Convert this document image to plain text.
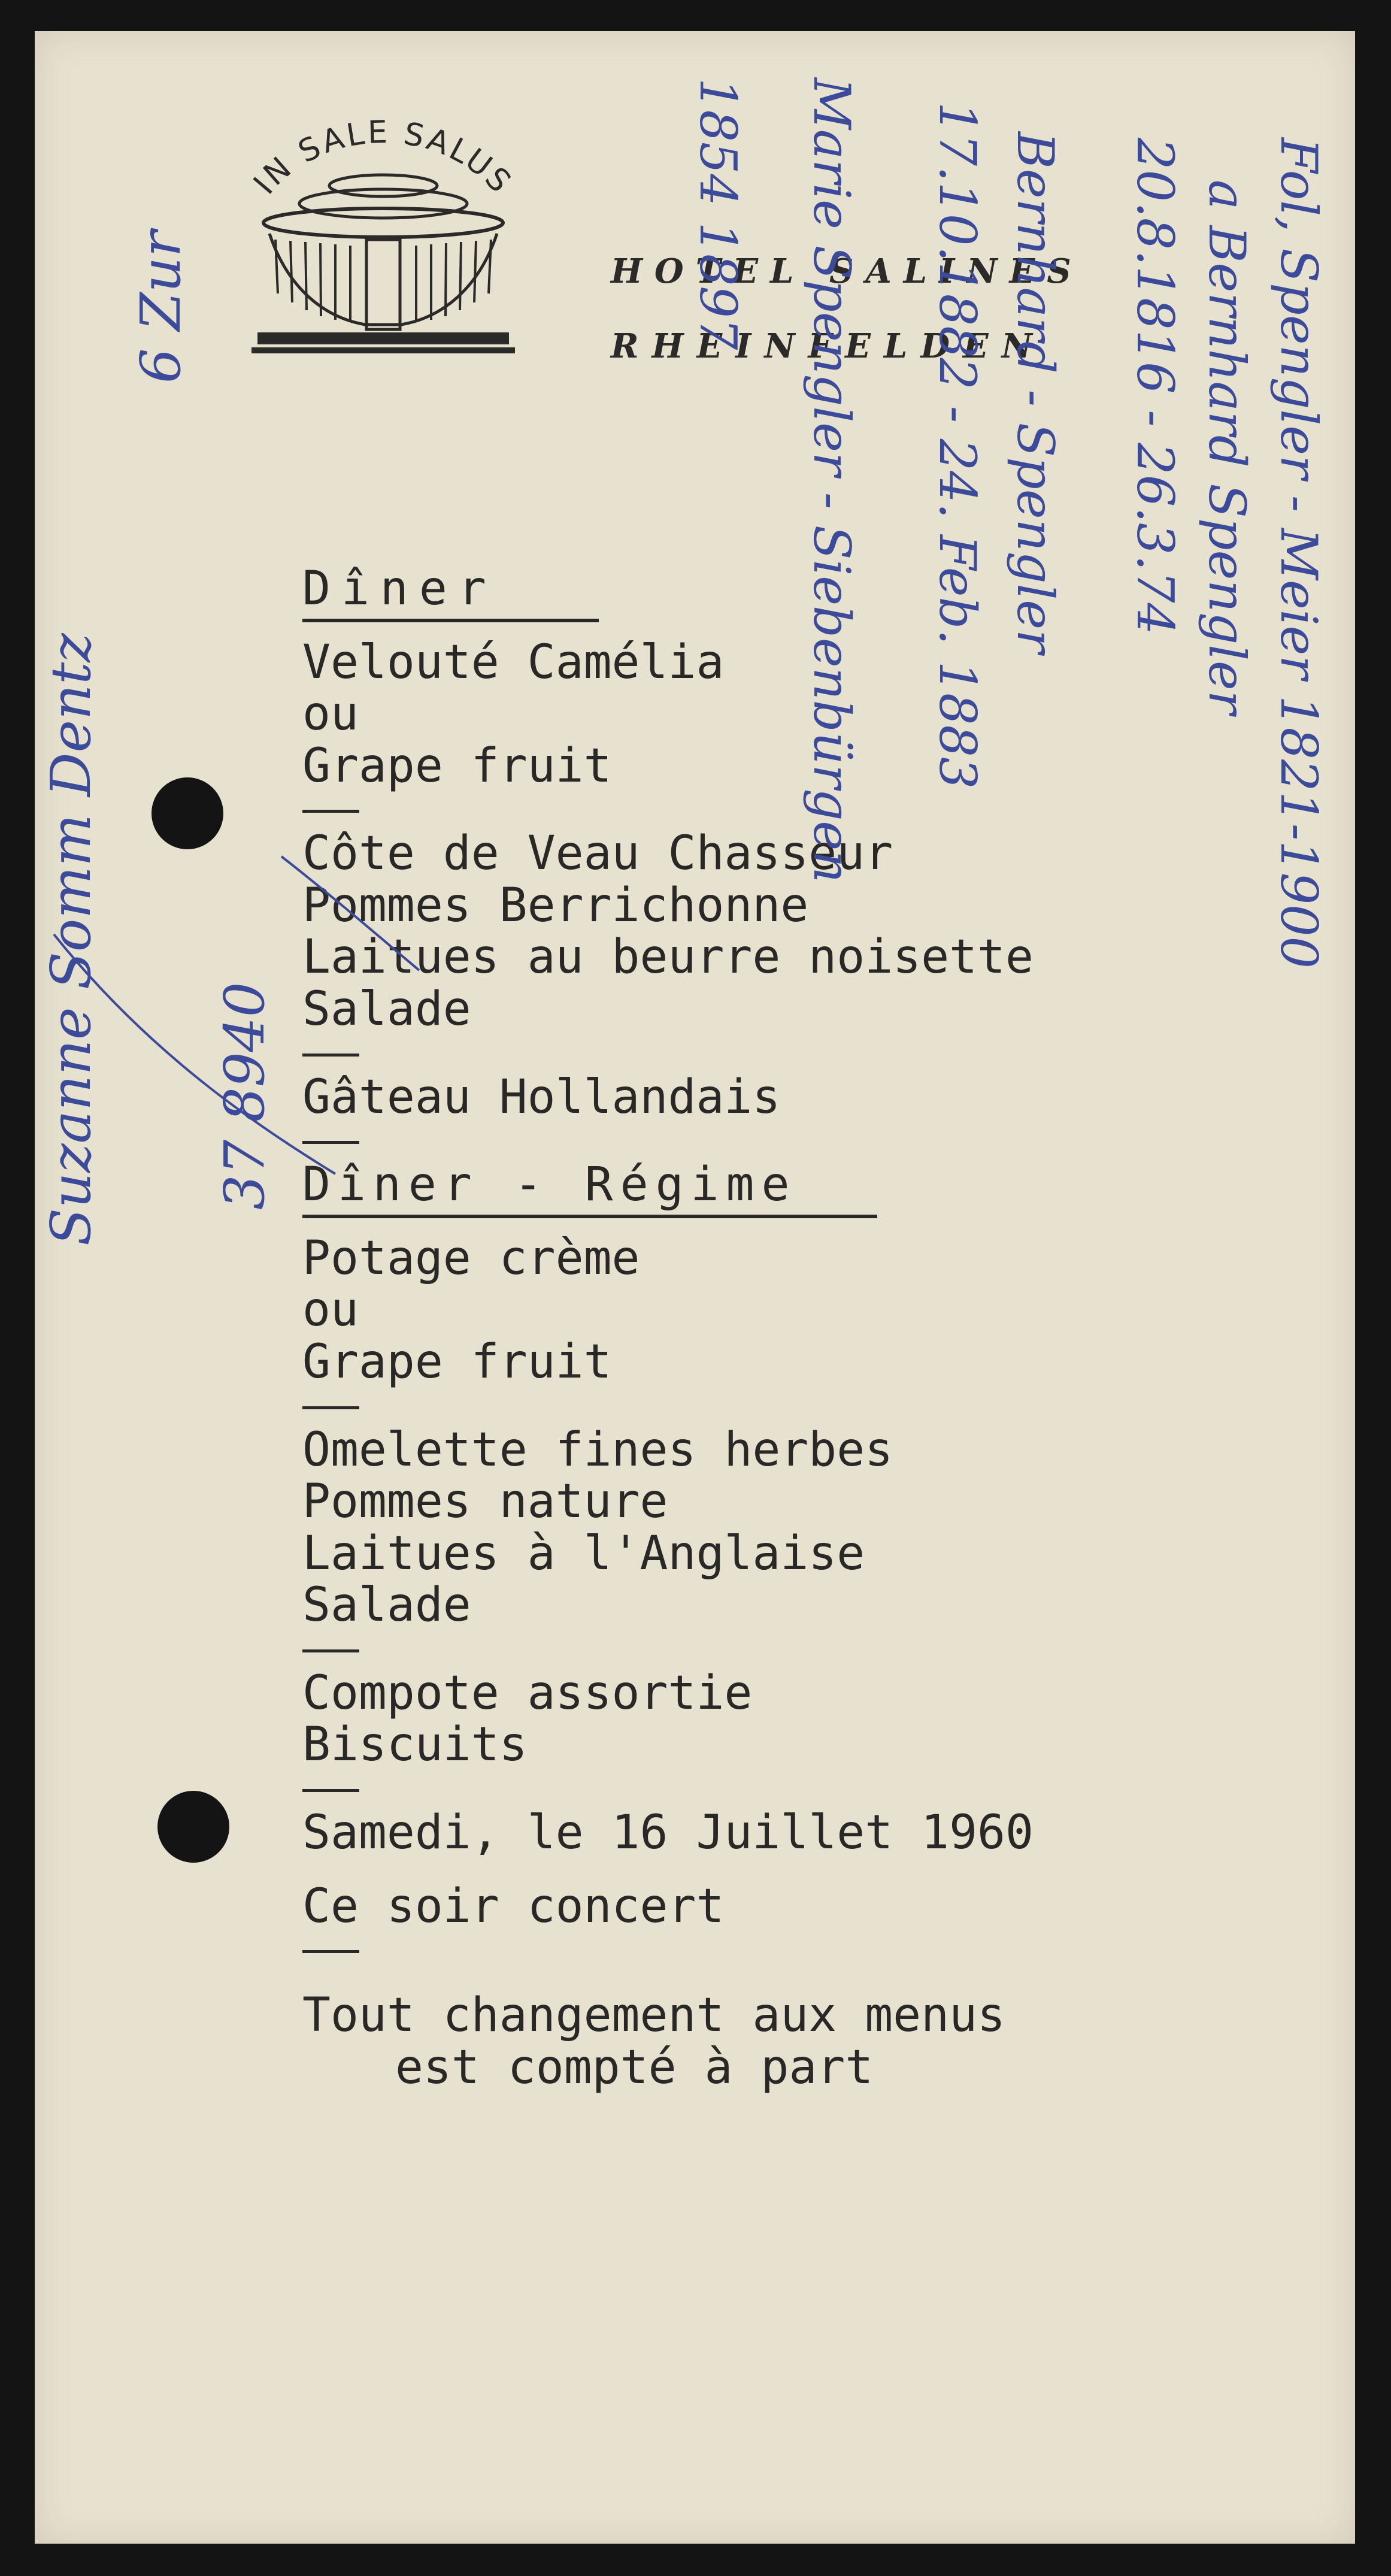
IN SALE SALUS
HOTEL SALINES
RHEINFELDEN
Dîner
Velouté Camélia
ou
Grape fruit
Côte de Veau Chasseur
Pommes Berrichonne
Laitues au beurre noisette
Salade
Gâteau Hollandais
Dîner - Régime
Potage crème
ou
Grape fruit
Omelette fines herbes
Pommes nature
Laitues à l'Anglaise
Salade
Compote assortie
Biscuits
Samedi, le 16 Juillet 1960
Ce soir concert
Tout changement aux menus
est compté à part
Fol, Spengler - Meier 1821-1900
a Bernhard Spengler
20.8.1816 - 26.3.74
Bernhard - Spengler
17.10.1882 - 24. Feb. 1883
Marie Spengler - Siebenbürgen
1854 1897
Suzanne Somm Dentz 37 8940
6 Zur
